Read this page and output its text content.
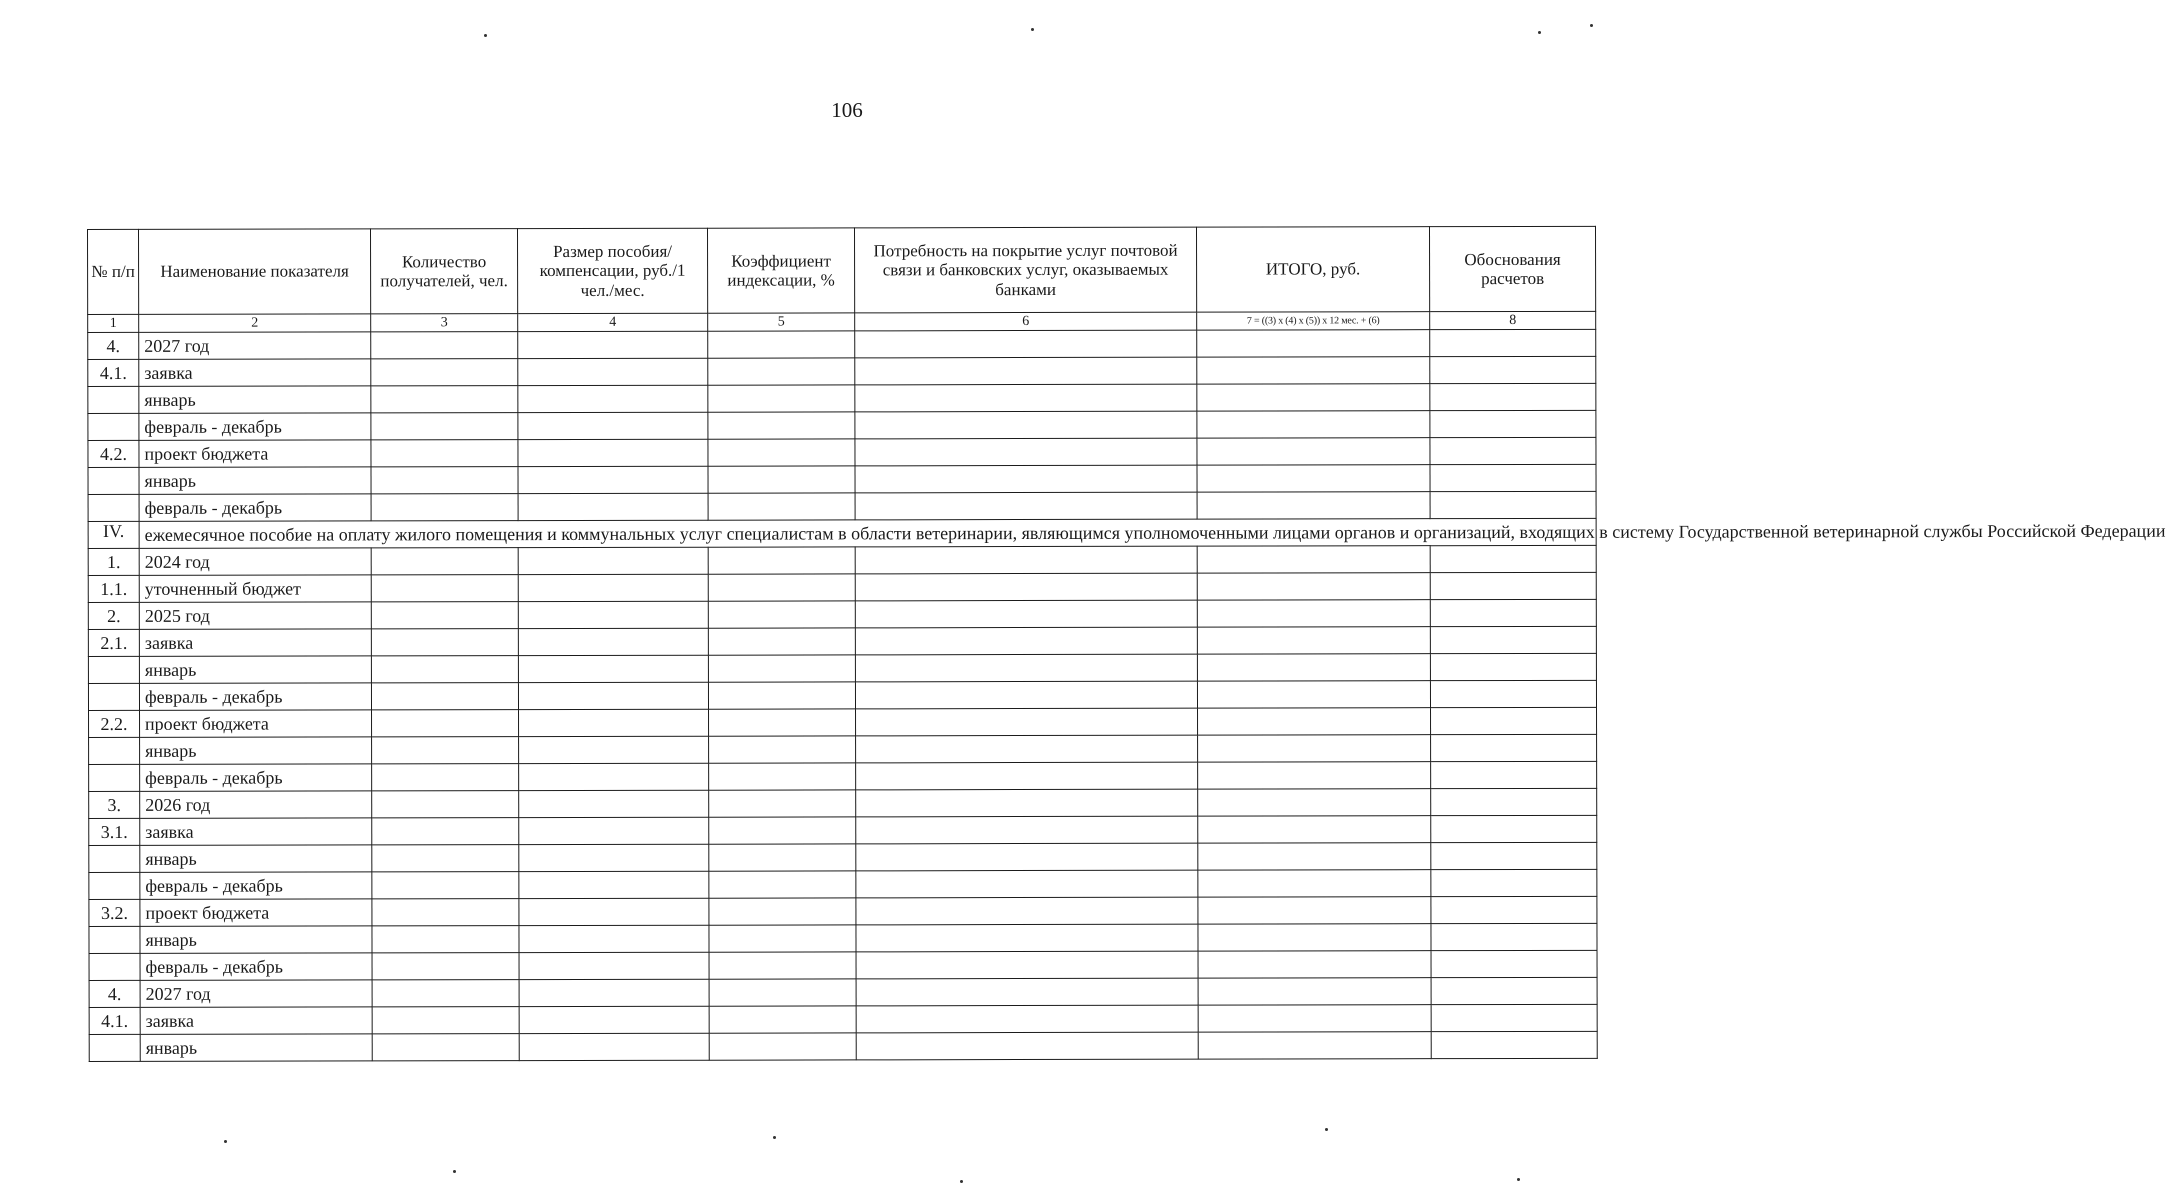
106
№ п/п	Наименование показателя	Количество получателей, чел.	Размер пособия/компенсации, руб./1 чел./мес.	Коэффициент индексации, %	Потребность на покрытие услуг почтовой связи и банковских услуг, оказываемых банками	ИТОГО, руб.	Обоснования расчетов
1	2	3	4	5	6	7 = ((3) x (4) x (5)) x 12 мес. + (6)	8
4.	2027 год						
4.1.	заявка						
	январь						
	февраль - декабрь						
4.2.	проект бюджета						
	январь						
	февраль - декабрь						
IV.	ежемесячное пособие на оплату жилого помещения и коммунальных услуг специалистам в области ветеринарии, являющимся уполномоченными лицами органов и организаций, входящих в систему Государственной ветеринарной службы Российской Федерации						
1.	2024 год						
1.1.	уточненный бюджет						
2.	2025 год						
2.1.	заявка						
	январь						
	февраль - декабрь						
2.2.	проект бюджета						
	январь						
	февраль - декабрь						
3.	2026 год						
3.1.	заявка						
	январь						
	февраль - декабрь						
3.2.	проект бюджета						
	январь						
	февраль - декабрь						
4.	2027 год						
4.1.	заявка						
	январь						
